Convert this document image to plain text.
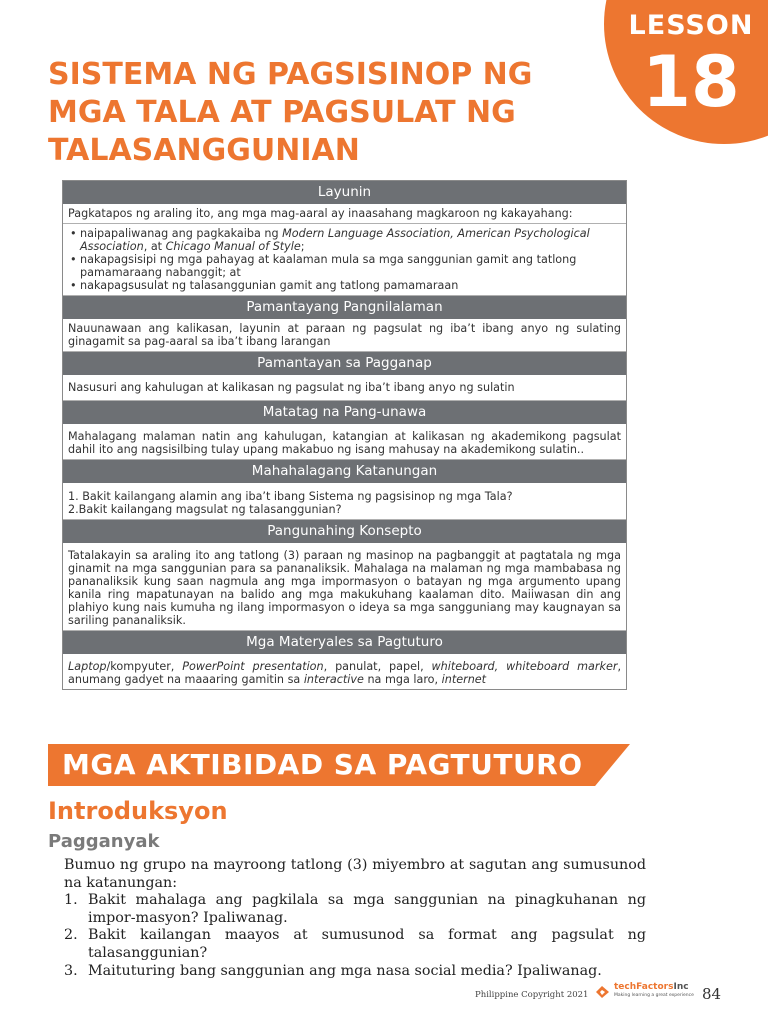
LESSON
18
SISTEMA NG PAGSISINOP NG MGA TALA AT PAGSULAT NG TALASANGGUNIAN
Layunin
Pagkatapos ng araling ito, ang mga mag-aaral ay inaasahang magkaroon ng kakayahang:
• naipapaliwanag ang pagkakaiba ng Modern Language Association, American Psychological Association, at Chicago Manual of Style;
• nakapagsisipi ng mga pahayag at kaalaman mula sa mga sanggunian gamit ang tatlong pamamaraang nabanggit; at
• nakapagsusulat ng talasanggunian gamit ang tatlong pamamaraan
Pamantayang Pangnilalaman
Nauunawaan ang kalikasan, layunin at paraan ng pagsulat ng iba’t ibang anyo ng sulating ginagamit sa pag-aaral sa iba’t ibang larangan
Pamantayan sa Pagganap
Nasusuri ang kahulugan at kalikasan ng pagsulat ng iba’t ibang anyo ng sulatin
Matatag na Pang-unawa
Mahalagang malaman natin ang kahulugan, katangian at kalikasan ng akademikong pagsulat dahil ito ang nagsisilbing tulay upang makabuo ng isang mahusay na akademikong sulatin..
Mahahalagang Katanungan
1. Bakit kailangang alamin ang iba’t ibang Sistema ng pagsisinop ng mga Tala?
2.Bakit kailangang magsulat ng talasanggunian?
Pangunahing Konsepto
Tatalakayin sa araling ito ang tatlong (3) paraan ng masinop na pagbanggit at pagtatala ng mga ginamit na mga sanggunian para sa pananaliksik. Mahalaga na malaman ng mga mambabasa ng pananaliksik kung saan nagmula ang mga impormasyon o batayan ng mga argumento upang kanila ring mapatunayan na balido ang mga makukuhang kaalaman dito. Maiiwasan din ang plahiyo kung nais kumuha ng ilang impormasyon o ideya sa mga sangguniang may kaugnayan sa sariling pananaliksik.
Mga Materyales sa Pagtuturo
Laptop/kompyuter, PowerPoint presentation, panulat, papel, whiteboard, whiteboard marker, anumang gadyet na maaaring gamitin sa interactive na mga laro, internet
MGA AKTIBIDAD SA PAGTUTURO
Introduksyon
Pagganyak

Bumuo ng grupo na mayroong tatlong (3) miyembro at sagutan ang sumusunod na katanungan:

1. Bakit mahalaga ang pagkilala sa mga sanggunian na pinagkuhanan ng impor-masyon? Ipaliwanag.
2. Bakit kailangan maayos at sumusunod sa format ang pagsulat ng talasanggunian?
3. Maituturing bang sanggunian ang mga nasa social media? Ipaliwanag.
Philippine Copyright 2021
techFactorsInc
Making learning a great experience 84
